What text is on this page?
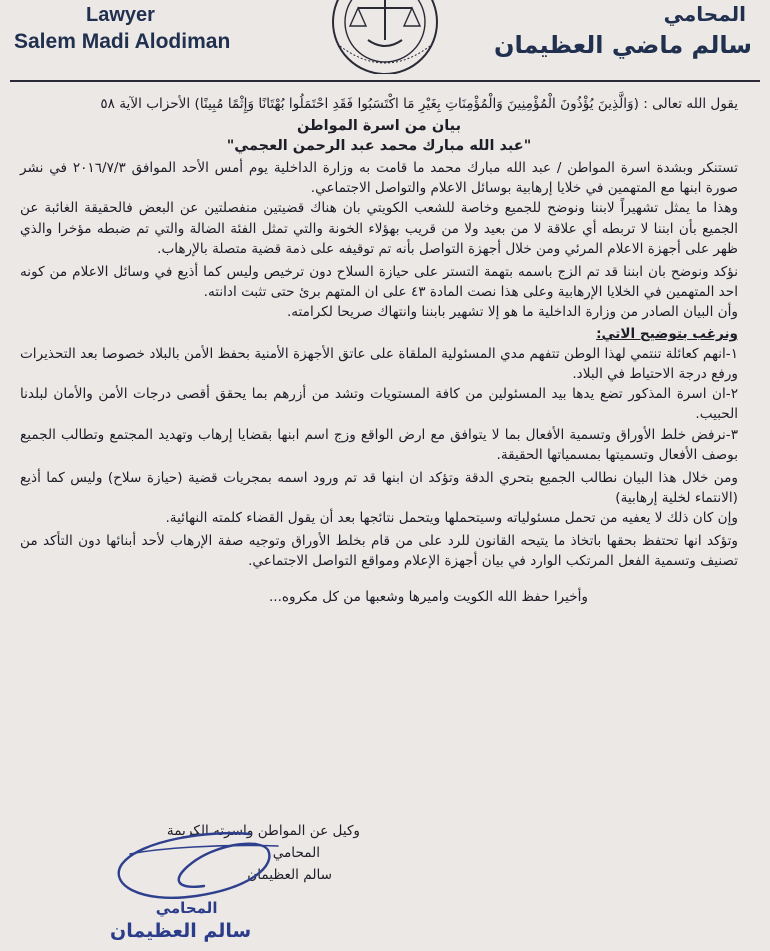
Lawyer
Salem Madi Alodiman
المحامي
سالم ماضي العظيمان

يقول الله تعالى : (وَالَّذِينَ يُؤْذُونَ الْمُؤْمِنِينَ وَالْمُؤْمِنَاتِ بِغَيْرِ مَا اكْتَسَبُوا فَقَدِ احْتَمَلُوا بُهْتَانًا وَإِثْمًا مُبِينًا) الأحزاب الآية ٥٨

بيان من اسرة المواطن

"عبد الله مبارك محمد عبد الرحمن العجمي"

تستنكر وبشدة اسرة المواطن / عبد الله مبارك محمد ما قامت به وزارة الداخلية يوم أمس الأحد الموافق ٢٠١٦/٧/٣ في نشر صورة ابنها مع المتهمين في خلايا إرهابية بوسائل الاعلام والتواصل الاجتماعي.

وهذا ما يمثل تشهيراً لابننا ونوضح للجميع وخاصة للشعب الكويتي بان هناك قضيتين منفصلتين عن البعض فالحقيقة الغائبة عن الجميع بأن ابننا لا تربطه أي علاقة لا من بعيد ولا من قريب بهؤلاء الخونة والتي تمثل الفئة الضالة والتي تم ضبطه مؤخرا والذي ظهر على أجهزة الاعلام المرئي ومن خلال أجهزة التواصل بأنه تم توقيفه على ذمة قضية متصلة بالإرهاب.

نؤكد ونوضح بان ابننا قد تم الزج باسمه بتهمة التستر على حيازة السلاح دون ترخيص وليس كما أذيع في وسائل الاعلام من كونه احد المتهمين في الخلايا الإرهابية وعلى هذا نصت المادة ٤٣ على ان المتهم برئ حتى تثبت ادانته.

وأن البيان الصادر من وزارة الداخلية ما هو إلا تشهير بابننا وانتهاك صريحا لكرامته.

ونرغب بتوضيح الاتي:

١-انهم كعائلة تنتمي لهذا الوطن تتفهم مدي المسئولية الملقاة على عاتق الأجهزة الأمنية بحفظ الأمن بالبلاد خصوصا بعد التحذيرات ورفع درجة الاحتياط في البلاد.

٢-ان اسرة المذكور تضع يدها بيد المسئولين من كافة المستويات وتشد من أزرهم بما يحقق أقصى درجات الأمن والأمان لبلدنا الحبيب.

٣-نرفض خلط الأوراق وتسمية الأفعال بما لا يتوافق مع ارض الواقع وزج اسم ابنها بقضايا إرهاب وتهديد المجتمع وتطالب الجميع بوصف الأفعال وتسميتها بمسمياتها الحقيقة.

ومن خلال هذا البيان نطالب الجميع بتحري الدقة وتؤكد ان ابنها قد تم ورود اسمه بمجريات قضية (حيازة سلاح) وليس كما أذيع (الانتماء لخلية إرهابية)

وإن كان ذلك لا يعفيه من تحمل مسئولياته وسيتحملها ويتحمل نتائجها بعد أن يقول القضاء كلمته النهائية.

وتؤكد انها تحتفظ بحقها باتخاذ ما يتيحه القانون للرد على من قام بخلط الأوراق وتوجيه صفة الإرهاب لأحد أبنائها دون التأكد من تصنيف وتسمية الفعل المرتكب الوارد في بيان أجهزة الإعلام ومواقع التواصل الاجتماعي.

وأخيرا حفظ الله الكويت واميرها وشعبها من كل مكروه...

وكيل عن المواطن واسرته الكريمة
المحامي
سالم العظيمان
المحامي
سالم العظيمان
